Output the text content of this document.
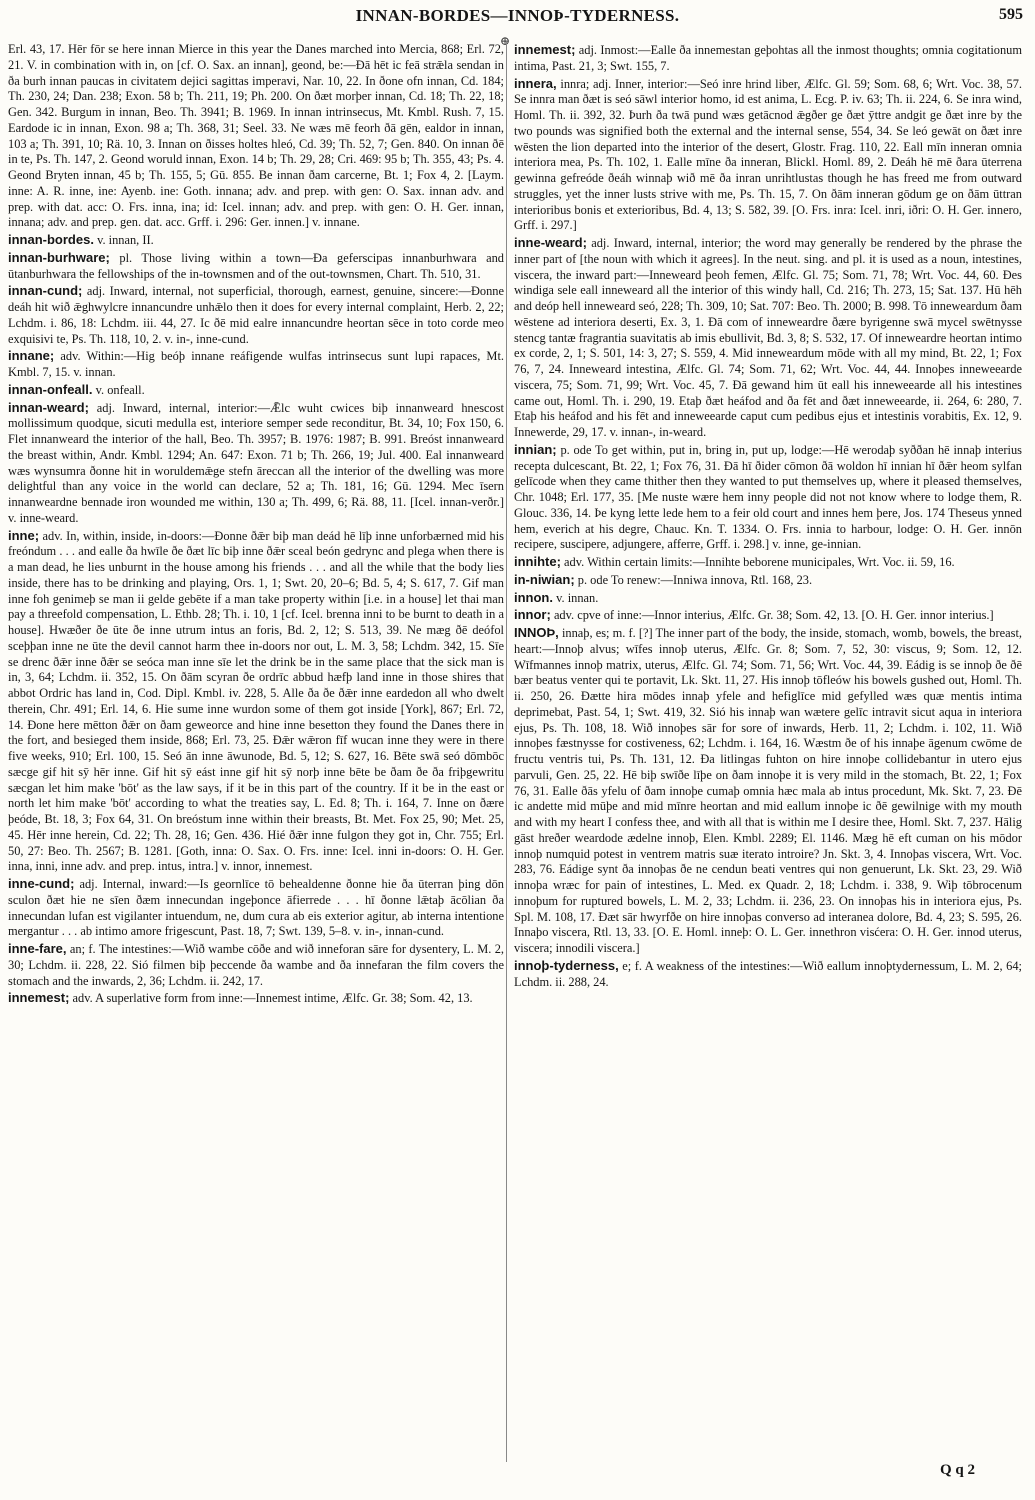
INNAN-BORDES—INNOÞ-TYDERNESS.	595
⊕

Erl. 43, 17. Hēr fōr se here innan Mierce in this year the Danes marched into Mercia, 868; Erl. 72, 21. V. in combination with in, on [cf. O. Sax. an innan], geond, be:—Ðā hēt ic feā strǣla sendan in ða burh innan paucas in civitatem dejici sagittas imperavi, Nar. 10, 22. In ðone ofn innan, Cd. 184; Th. 230, 24; Dan. 238; Exon. 58 b; Th. 211, 19; Ph. 200. On ðæt morþer innan, Cd. 18; Th. 22, 18; Gen. 342. Burgum in innan, Beo. Th. 3941; B. 1969. In innan intrinsecus, Mt. Kmbl. Rush. 7, 15. Eardode ic in innan, Exon. 98 a; Th. 368, 31; Seel. 33. Ne wæs mē feorh ðā gēn, ealdor in innan, 103 a; Th. 391, 10; Rä. 10, 3. Innan on ðisses holtes hleó, Cd. 39; Th. 52, 7; Gen. 840. On innan ðē in te, Ps. Th. 147, 2. Geond woruld innan, Exon. 14 b; Th. 29, 28; Cri. 469: 95 b; Th. 355, 43; Ps. 4. Geond Bryten innan, 45 b; Th. 155, 5; Gū. 855. Be innan ðam carcerne, Bt. 1; Fox 4, 2. [Laym. inne: A. R. inne, ine: Ayenb. ine: Goth. innana; adv. and prep. with gen: O. Sax. innan adv. and prep. with dat. acc: O. Frs. inna, ina; id: Icel. innan; adv. and prep. with gen: O. H. Ger. innan, innana; adv. and prep. gen. dat. acc. Grff. i. 296: Ger. innen.] v. innane.

innan-bordes. v. innan, II.

innan-burhware; pl. Those living within a town—Ða geferscipas innanburhwara and ūtanburhwara the fellowships of the in-townsmen and of the out-townsmen, Chart. Th. 510, 31.

innan-cund; adj. Inward, internal, not superficial, thorough, earnest, genuine, sincere:—Ðonne deáh hit wið ǣghwylcre innancundre unhǣlo then it does for every internal complaint, Herb. 2, 22; Lchdm. i. 86, 18: Lchdm. iii. 44, 27. Ic ðē mid ealre innancundre heortan sēce in toto corde meo exquisivi te, Ps. Th. 118, 10, 2. v. in-, inne-cund.

innane; adv. Within:—Hig beóþ innane reáfigende wulfas intrinsecus sunt lupi rapaces, Mt. Kmbl. 7, 15. v. innan.

innan-onfeall. v. onfeall.

innan-weard; adj. Inward, internal, interior:—Ǣlc wuht cwices biþ innanweard hnescost mollissimum quodque, sicuti medulla est, interiore semper sede reconditur, Bt. 34, 10; Fox 150, 6. Flet innanweard the interior of the hall, Beo. Th. 3957; B. 1976: 1987; B. 991. Breóst innanweard the breast within, Andr. Kmbl. 1294; An. 647: Exon. 71 b; Th. 266, 19; Jul. 400. Eal innanweard wæs wynsumra ðonne hit in woruldemǣge stefn āreccan all the interior of the dwelling was more delightful than any voice in the world can declare, 52 a; Th. 181, 16; Gū. 1294. Mec īsern innanweardne bennade iron wounded me within, 130 a; Th. 499, 6; Rä. 88, 11. [Icel. innan-verðr.] v. inne-weard.

inne; adv. In, within, inside, in-doors:—Ðonne ðǣr biþ man deád hē līþ inne unforbærned mid his freóndum . . . and ealle ða hwīle ðe ðæt līc biþ inne ðǣr sceal beón gedrync and plega when there is a man dead, he lies unburnt in the house among his friends . . . and all the while that the body lies inside, there has to be drinking and playing, Ors. 1, 1; Swt. 20, 20–6; Bd. 5, 4; S. 617, 7. Gif man inne foh genimeþ se man ii gelde gebēte if a man take property within [i.e. in a house] let thai man pay a threefold compensation, L. Ethb. 28; Th. i. 10, 1 [cf. Icel. brenna inni to be burnt to death in a house]. Hwæðer ðe ūte ðe inne utrum intus an foris, Bd. 2, 12; S. 513, 39. Ne mæg ðē deófol sceþþan inne ne ūte the devil cannot harm thee in-doors nor out, L. M. 3, 58; Lchdm. 342, 15. Sīe se drenc ðǣr inne ðǣr se seóca man inne sīe let the drink be in the same place that the sick man is in, 3, 64; Lchdm. ii. 352, 15. On ðām scyran ðe ordrīc abbud hæfþ land inne in those shires that abbot Ordric has land in, Cod. Dipl. Kmbl. iv. 228, 5. Alle ða ðe ðǣr inne eardedon all who dwelt therein, Chr. 491; Erl. 14, 6. Hie sume inne wurdon some of them got inside [York], 867; Erl. 72, 14. Ðone here mētton ðǣr on ðam geweorce and hine inne besetton they found the Danes there in the fort, and besieged them inside, 868; Erl. 73, 25. Ðǣr wǣron fīf wucan inne they were in there five weeks, 910; Erl. 100, 15. Seó ān inne āwunode, Bd. 5, 12; S. 627, 16. Bēte swā seó dōmbōc sæcge gif hit sȳ hēr inne. Gif hit sȳ eást inne gif hit sȳ norþ inne bēte be ðam ðe ða friþgewritu sæcgan let him make 'bōt' as the law says, if it be in this part of the country. If it be in the east or north let him make 'bōt' according to what the treaties say, L. Ed. 8; Th. i. 164, 7. Inne on ðære þeóde, Bt. 18, 3; Fox 64, 31. On breóstum inne within their breasts, Bt. Met. Fox 25, 90; Met. 25, 45. Hēr inne herein, Cd. 22; Th. 28, 16; Gen. 436. Hié ðǣr inne fulgon they got in, Chr. 755; Erl. 50, 27: Beo. Th. 2567; B. 1281. [Goth, inna: O. Sax. O. Frs. inne: Icel. inni in-doors: O. H. Ger. inna, inni, inne adv. and prep. intus, intra.] v. innor, innemest.

inne-cund; adj. Internal, inward:—Is geornlīce tō behealdenne ðonne hie ða ūterran þing dōn sculon ðæt hie ne sīen ðæm innecundan ingeþonce āfierrede . . . hī ðonne lǣtaþ ācōlian ða innecundan lufan est vigilanter intuendum, ne, dum cura ab eis exterior agitur, ab interna intentione mergantur . . . ab intimo amore frigescunt, Past. 18, 7; Swt. 139, 5–8. v. in-, innan-cund.

inne-fare, an; f. The intestines:—Wið wambe cōðe and wið inneforan sāre for dysentery, L. M. 2, 30; Lchdm. ii. 228, 22. Sió filmen biþ þeccende ða wambe and ða innefaran the film covers the stomach and the inwards, 2, 36; Lchdm. ii. 242, 17.

innemest; adv. A superlative form from inne:—Innemest intime, Ælfc. Gr. 38; Som. 42, 13.

innemest; adj. Inmost:—Ealle ða innemestan geþohtas all the inmost thoughts; omnia cogitationum intima, Past. 21, 3; Swt. 155, 7.

innera, innra; adj. Inner, interior:—Seó inre hrind liber, Ælfc. Gl. 59; Som. 68, 6; Wrt. Voc. 38, 57. Se innra man ðæt is seó sāwl interior homo, id est anima, L. Ecg. P. iv. 63; Th. ii. 224, 6. Se inra wind, Homl. Th. ii. 392, 32. Þurh ða twā pund wæs getācnod ǣgðer ge ðæt ȳttre andgit ge ðæt inre by the two pounds was signified both the external and the internal sense, 554, 34. Se leó gewāt on ðæt inre wēsten the lion departed into the interior of the desert, Glostr. Frag. 110, 22. Eall mīn inneran omnia interiora mea, Ps. Th. 102, 1. Ealle mīne ða inneran, Blickl. Homl. 89, 2. Deáh hē mē ðara ūterrena gewinna gefreóde ðeáh winnaþ wið mē ða inran unrihtlustas though he has freed me from outward struggles, yet the inner lusts strive with me, Ps. Th. 15, 7. On ðām inneran gōdum ge on ðām ūttran interioribus bonis et exterioribus, Bd. 4, 13; S. 582, 39. [O. Frs. inra: Icel. inri, iðri: O. H. Ger. innero, Grff. i. 297.]

inne-weard; adj. Inward, internal, interior; the word may generally be rendered by the phrase the inner part of [the noun with which it agrees]. In the neut. sing. and pl. it is used as a noun, intestines, viscera, the inward part:—Inneweard þeoh femen, Ælfc. Gl. 75; Som. 71, 78; Wrt. Voc. 44, 60. Ðes windiga sele eall inneweard all the interior of this windy hall, Cd. 216; Th. 273, 15; Sat. 137. Hū hēh and deóp hell inneweard seó, 228; Th. 309, 10; Sat. 707: Beo. Th. 2000; B. 998. Tō inneweardum ðam wēstene ad interiora deserti, Ex. 3, 1. Ðā com of inneweardre ðære byrigenne swā mycel swētnysse stencg tantæ fragrantia suavitatis ab imis ebullivit, Bd. 3, 8; S. 532, 17. Of inneweardre heortan intimo ex corde, 2, 1; S. 501, 14: 3, 27; S. 559, 4. Mid inneweardum mōde with all my mind, Bt. 22, 1; Fox 76, 7, 24. Inneweard intestina, Ælfc. Gl. 74; Som. 71, 62; Wrt. Voc. 44, 44. Innoþes inneweearde viscera, 75; Som. 71, 99; Wrt. Voc. 45, 7. Ðā gewand him ūt eall his inneweearde all his intestines came out, Homl. Th. i. 290, 19. Etaþ ðæt heáfod and ða fēt and ðæt inneweearde, ii. 264, 6: 280, 7. Etaþ his heáfod and his fēt and inneweearde caput cum pedibus ejus et intestinis vorabitis, Ex. 12, 9. Innewerde, 29, 17. v. innan-, in-weard.

innian; p. ode To get within, put in, bring in, put up, lodge:—Hē werodaþ syððan hē innaþ interius recepta dulcescant, Bt. 22, 1; Fox 76, 31. Ðā hī ðider cōmon ðā woldon hī innian hī ðǣr heom sylfan gelīcode when they came thither then they wanted to put themselves up, where it pleased themselves, Chr. 1048; Erl. 177, 35. [Me nuste wære hem inny people did not not know where to lodge them, R. Glouc. 336, 14. Þe kyng lette lede hem to a feir old court and innes hem þere, Jos. 174 Theseus ynned hem, everich at his degre, Chauc. Kn. T. 1334. O. Frs. innia to harbour, lodge: O. H. Ger. innōn recipere, suscipere, adjungere, afferre, Grff. i. 298.] v. inne, ge-innian.

innihte; adv. Within certain limits:—Innihte beborene municipales, Wrt. Voc. ii. 59, 16.

in-niwian; p. ode To renew:—Inniwa innova, Rtl. 168, 23.

innon. v. innan.

innor; adv. cpve of inne:—Innor interius, Ælfc. Gr. 38; Som. 42, 13. [O. H. Ger. innor interius.]

INNOÞ, innaþ, es; m. f. [?] The inner part of the body, the inside, stomach, womb, bowels, the breast, heart:—Innoþ alvus; wīfes innoþ uterus, Ælfc. Gr. 8; Som. 7, 52, 30: viscus, 9; Som. 12, 12. Wīfmannes innoþ matrix, uterus, Ælfc. Gl. 74; Som. 71, 56; Wrt. Voc. 44, 39. Eádig is se innoþ ðe ðē bær beatus venter qui te portavit, Lk. Skt. 11, 27. His innoþ tōfleów his bowels gushed out, Homl. Th. ii. 250, 26. Ðætte hira mōdes innaþ yfele and hefiglīce mid gefylled wæs quæ mentis intima deprimebat, Past. 54, 1; Swt. 419, 32. Sió his innaþ wan wætere gelīc intravit sicut aqua in interiora ejus, Ps. Th. 108, 18. Wið innoþes sār for sore of inwards, Herb. 11, 2; Lchdm. i. 102, 11. Wið innoþes fæstnysse for costiveness, 62; Lchdm. i. 164, 16. Wæstm ðe of his innaþe āgenum cwōme de fructu ventris tui, Ps. Th. 131, 12. Ða litlingas fuhton on hire innoþe collidebantur in utero ejus parvuli, Gen. 25, 22. Hē biþ swīðe līþe on ðam innoþe it is very mild in the stomach, Bt. 22, 1; Fox 76, 31. Ealle ðās yfelu of ðam innoþe cumaþ omnia hæc mala ab intus procedunt, Mk. Skt. 7, 23. Ðē ic andette mid mūþe and mid mīnre heortan and mid eallum innoþe ic ðē gewilnige with my mouth and with my heart I confess thee, and with all that is within me I desire thee, Homl. Skt. 7, 237. Hālig gāst hreðer weardode ædelne innoþ, Elen. Kmbl. 2289; El. 1146. Mæg hē eft cuman on his mōdor innoþ numquid potest in ventrem matris suæ iterato introire? Jn. Skt. 3, 4. Innoþas viscera, Wrt. Voc. 283, 76. Eádige synt ða innoþas ðe ne cendun beati ventres qui non genuerunt, Lk. Skt. 23, 29. Wið innoþa wræc for pain of intestines, L. Med. ex Quadr. 2, 18; Lchdm. i. 338, 9. Wiþ tōbrocenum innoþum for ruptured bowels, L. M. 2, 33; Lchdm. ii. 236, 23. On innoþas his in interiora ejus, Ps. Spl. M. 108, 17. Ðæt sār hwyrfðe on hire innoþas converso ad interanea dolore, Bd. 4, 23; S. 595, 26. Innaþo viscera, Rtl. 13, 33. [O. E. Homl. inneþ: O. L. Ger. innethron visćera: O. H. Ger. innod uterus, viscera; innodili viscera.]

innoþ-tyderness, e; f. A weakness of the intestines:—Wið eallum innoþtydernessum, L. M. 2, 64; Lchdm. ii. 288, 24.

Q q 2
